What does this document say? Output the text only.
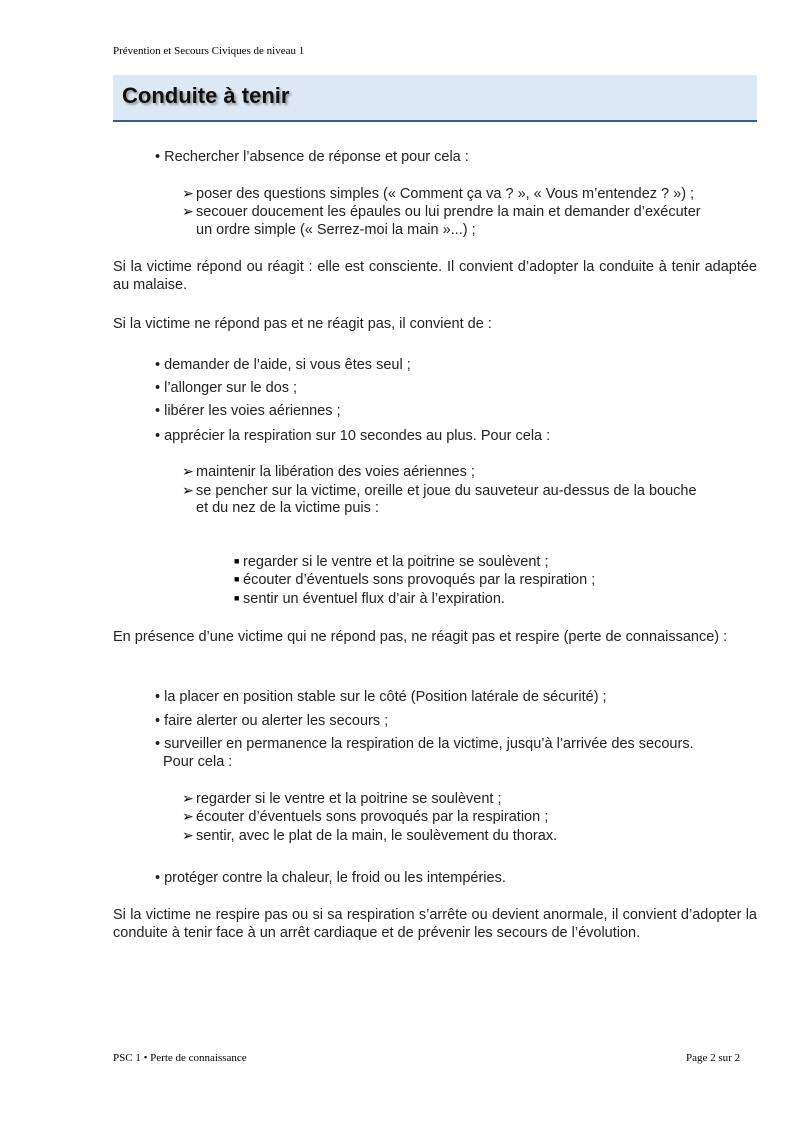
Prévention et Secours Civiques de niveau 1
Conduite à tenir
• Rechercher l’absence de réponse et pour cela :
➢ poser des questions simples (« Comment ça va ? », « Vous m’entendez ? ») ;
➢ secouer doucement les épaules ou lui prendre la main et demander d’exécuter
un ordre simple (« Serrez-moi la main »...) ;
Si la victime répond ou réagit : elle est consciente. Il convient d’adopter la conduite à tenir adaptée au malaise.
Si la victime ne répond pas et ne réagit pas, il convient de :
• demander de l’aide, si vous êtes seul ;
• l’allonger sur le dos ;
• libérer les voies aériennes ;
• apprécier la respiration sur 10 secondes au plus. Pour cela :
➢ maintenir la libération des voies aériennes ;
➢ se pencher sur la victime, oreille et joue du sauveteur au-dessus de la bouche
et du nez de la victime puis :
■ regarder si le ventre et la poitrine se soulèvent ;
■ écouter d’éventuels sons provoqués par la respiration ;
■ sentir un éventuel flux d’air à l’expiration.
En présence d’une victime qui ne répond pas, ne réagit pas et respire (perte de connaissance) :
• la placer en position stable sur le côté (Position latérale de sécurité) ;
• faire alerter ou alerter les secours ;
• surveiller en permanence la respiration de la victime, jusqu’à l’arrivée des secours.
Pour cela :
➢ regarder si le ventre et la poitrine se soulèvent ;
➢ écouter d’éventuels sons provoqués par la respiration ;
➢ sentir, avec le plat de la main, le soulèvement du thorax.
• protéger contre la chaleur, le froid ou les intempéries.
Si la victime ne respire pas ou si sa respiration s’arrête ou devient anormale, il convient d’adopter la conduite à tenir face à un arrêt cardiaque et de prévenir les secours de l’évolution.
PSC 1 • Perte de connaissance	Page 2 sur 2
